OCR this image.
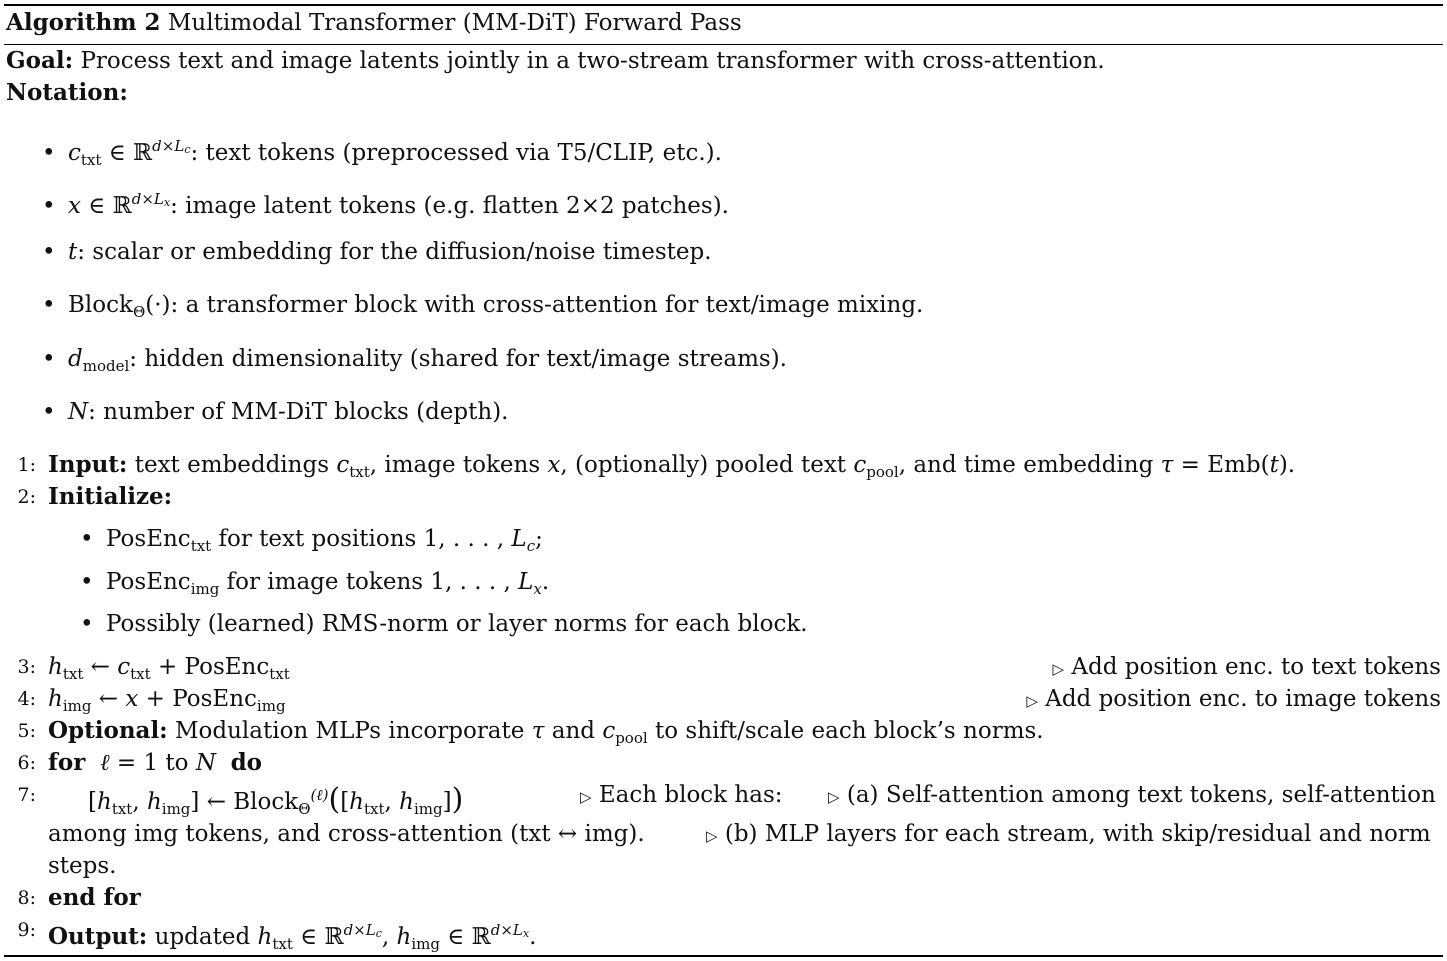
Algorithm 2 Multimodal Transformer (MM-DiT) Forward Pass
Goal: Process text and image latents jointly in a two-stream transformer with cross-attention.
Notation:
• $c_{txt}$ ∈ ℝ$^{d\times L_c}$: text tokens (preprocessed via T5/CLIP, etc.).
• x ∈ ℝ$^{d\times L_x}$: image latent tokens (e.g. flatten 2×2 patches).
• t: scalar or embedding for the diffusion/noise timestep.
• Block$_\Theta$(·): a transformer block with cross-attention for text/image mixing.
• $d_{model}$: hidden dimensionality (shared for text/image streams).
• N: number of MM-DiT blocks (depth).
1: Input: text embeddings $c_{txt}$, image tokens x, (optionally) pooled text $c_{pool}$, and time embedding τ = Emb(t).
2: Initialize:
• PosEnc$_{txt}$ for text positions 1, . . . , $L_c$;
• PosEnc$_{img}$ for image tokens 1, . . . , $L_x$.
• Possibly (learned) RMS-norm or layer norms for each block.
3: $h_{txt}$ ← $c_{txt}$ + PosEnc$_{txt}$	▷ Add position enc. to text tokens
4: $h_{img}$ ← x + PosEnc$_{img}$	▷ Add position enc. to image tokens
5: Optional: Modulation MLPs incorporate τ and $c_{pool}$ to shift/scale each block’s norms.
6: for ℓ = 1 to N do
7: [$h_{txt}$, $h_{img}$] ← $Block_\Theta^{(\ell)}([h_{txt}$, $h_{img}$])	▷ Each block has:	▷ (a) Self-attention among text tokens, self-attention
among img tokens, and cross-attention (txt ↔ img).	▷ (b) MLP layers for each stream, with skip/residual and norm
steps.
8: end for
9: Output: updated $h_{txt}$ ∈ ℝ$^{d\times L_c}$, $h_{img}$ ∈ ℝ$^{d\times L_x}$.
